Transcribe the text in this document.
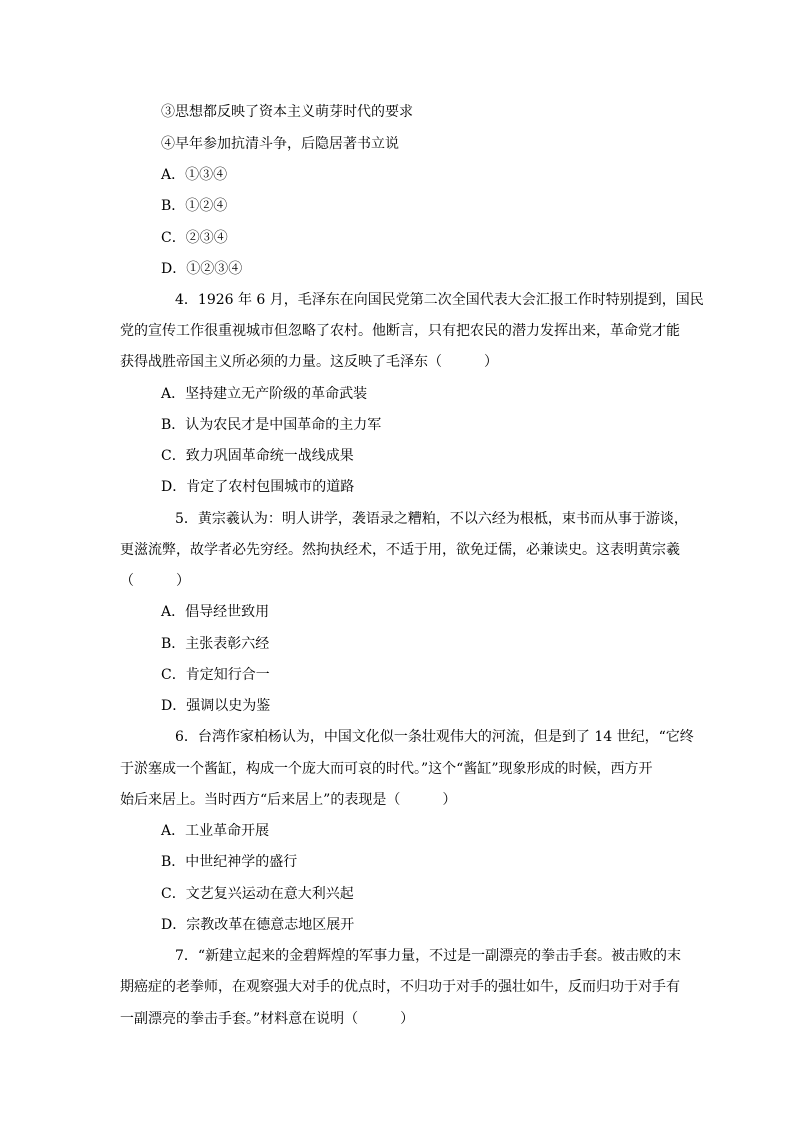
③思想都反映了资本主义萌芽时代的要求
④早年参加抗清斗争，后隐居著书立说
A．①③④
B．①②④
C．②③④
D．①②③④
4．1926 年 6 月，毛泽东在向国民党第二次全国代表大会汇报工作时特别提到，国民
党的宣传工作很重视城市但忽略了农村。他断言，只有把农民的潜力发挥出来，革命党才能
获得战胜帝国主义所必须的力量。这反映了毛泽东（　　　）
A．坚持建立无产阶级的革命武装
B．认为农民才是中国革命的主力军
C．致力巩固革命统一战线成果
D．肯定了农村包围城市的道路
5．黄宗羲认为：明人讲学，袭语录之糟粕，不以六经为根柢，束书而从事于游谈，
更滋流弊，故学者必先穷经。然拘执经术，不适于用，欲免迂儒，必兼读史。这表明黄宗羲
（　　　）
A．倡导经世致用
B．主张表彰六经
C．肯定知行合一
D．强调以史为鉴
6．台湾作家柏杨认为，中国文化似一条壮观伟大的河流，但是到了 14 世纪，“它终
于淤塞成一个酱缸，构成一个庞大而可哀的时代。”这个“酱缸”现象形成的时候，西方开
始后来居上。当时西方“后来居上”的表现是（　　　）
A．工业革命开展
B．中世纪神学的盛行
C．文艺复兴运动在意大利兴起
D．宗教改革在德意志地区展开
7．“新建立起来的金碧辉煌的军事力量，不过是一副漂亮的拳击手套。被击败的末
期癌症的老拳师，在观察强大对手的优点时，不归功于对手的强壮如牛，反而归功于对手有
一副漂亮的拳击手套。”材料意在说明（　　　）
